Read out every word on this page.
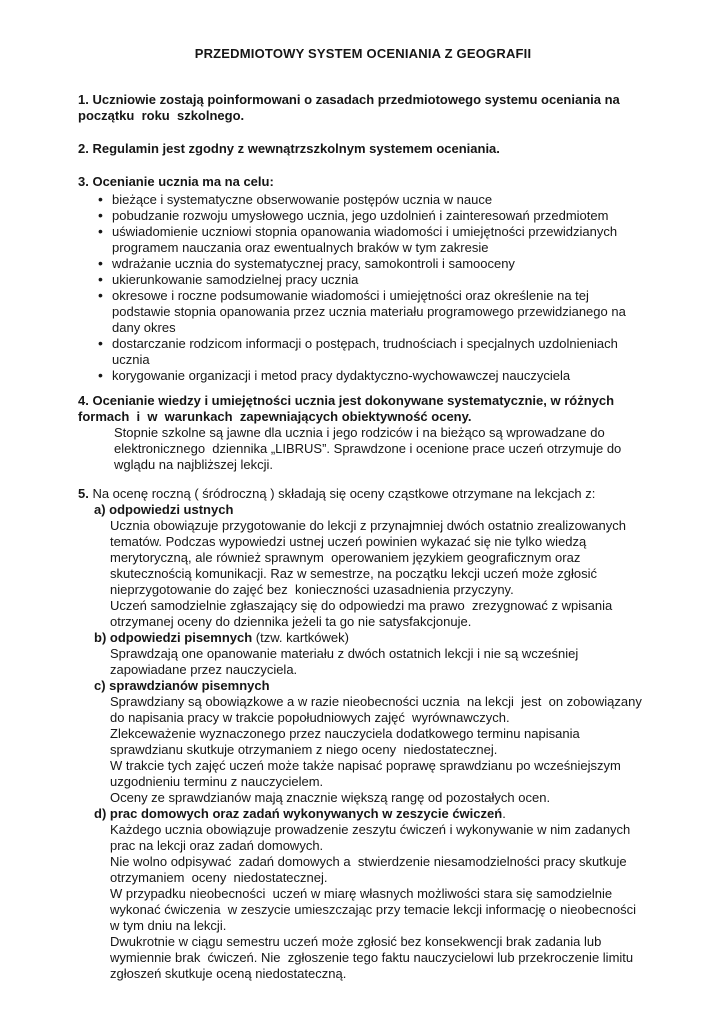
PRZEDMIOTOWY SYSTEM OCENIANIA Z GEOGRAFII

1. Uczniowie zostają poinformowani o zasadach przedmiotowego systemu oceniania na początku  roku  szkolnego.

2. Regulamin jest zgodny z wewnątrzszkolnym systemem oceniania.

3. Ocenianie ucznia ma na celu:

• bieżące i systematyczne obserwowanie postępów ucznia w nauce
• pobudzanie rozwoju umysłowego ucznia, jego uzdolnień i zainteresowań przedmiotem
• uświadomienie uczniowi stopnia opanowania wiadomości i umiejętności przewidzianych programem nauczania oraz ewentualnych braków w tym zakresie
• wdrażanie ucznia do systematycznej pracy, samokontroli i samooceny
• ukierunkowanie samodzielnej pracy ucznia
• okresowe i roczne podsumowanie wiadomości i umiejętności oraz określenie na tej podstawie stopnia opanowania przez ucznia materiału programowego przewidzianego na dany okres
• dostarczanie rodzicom informacji o postępach, trudnościach i specjalnych uzdolnieniach ucznia
• korygowanie organizacji i metod pracy dydaktyczno-wychowawczej nauczyciela

4. Ocenianie wiedzy i umiejętności ucznia jest dokonywane systematycznie, w różnych formach  i  w  warunkach  zapewniających obiektywność oceny.

Stopnie szkolne są jawne dla ucznia i jego rodziców i na bieżąco są wprowadzane do elektronicznego  dziennika „LIBRUS”. Sprawdzone i ocenione prace uczeń otrzymuje do wglądu na najbliższej lekcji.

5. Na ocenę roczną ( śródroczną ) składają się oceny cząstkowe otrzymane na lekcjach z:

a) odpowiedzi ustnych

Ucznia obowiązuje przygotowanie do lekcji z przynajmniej dwóch ostatnio zrealizowanych tematów. Podczas wypowiedzi ustnej uczeń powinien wykazać się nie tylko wiedzą merytoryczną, ale również sprawnym  operowaniem językiem geograficznym oraz skutecznością komunikacji. Raz w semestrze, na początku lekcji uczeń może zgłosić nieprzygotowanie do zajęć bez  konieczności uzasadnienia przyczyny.

Uczeń samodzielnie zgłaszający się do odpowiedzi ma prawo  zrezygnować z wpisania otrzymanej oceny do dziennika jeżeli ta go nie satysfakcjonuje.

b) odpowiedzi pisemnych (tzw. kartkówek)

Sprawdzają one opanowanie materiału z dwóch ostatnich lekcji i nie są wcześniej zapowiadane przez nauczyciela.

c) sprawdzianów pisemnych

Sprawdziany są obowiązkowe a w razie nieobecności ucznia  na lekcji  jest  on zobowiązany do napisania pracy w trakcie popołudniowych zajęć  wyrównawczych.

Zlekceważenie wyznaczonego przez nauczyciela dodatkowego terminu napisania sprawdzianu skutkuje otrzymaniem z niego oceny  niedostatecznej.

W trakcie tych zajęć uczeń może także napisać poprawę sprawdzianu po wcześniejszym uzgodnieniu terminu z nauczycielem.

Oceny ze sprawdzianów mają znacznie większą rangę od pozostałych ocen.

d) prac domowych oraz zadań wykonywanych w zeszycie ćwiczeń.

Każdego ucznia obowiązuje prowadzenie zeszytu ćwiczeń i wykonywanie w nim zadanych prac na lekcji oraz zadań domowych.

Nie wolno odpisywać  zadań domowych a  stwierdzenie niesamodzielności pracy skutkuje otrzymaniem  oceny  niedostatecznej.

W przypadku nieobecności  uczeń w miarę własnych możliwości stara się samodzielnie wykonać ćwiczenia  w zeszycie umieszczając przy temacie lekcji informację o nieobecności w tym dniu na lekcji.

Dwukrotnie w ciągu semestru uczeń może zgłosić bez konsekwencji brak zadania lub wymiennie brak  ćwiczeń. Nie  zgłoszenie tego faktu nauczycielowi lub przekroczenie limitu zgłoszeń skutkuje oceną niedostateczną.
